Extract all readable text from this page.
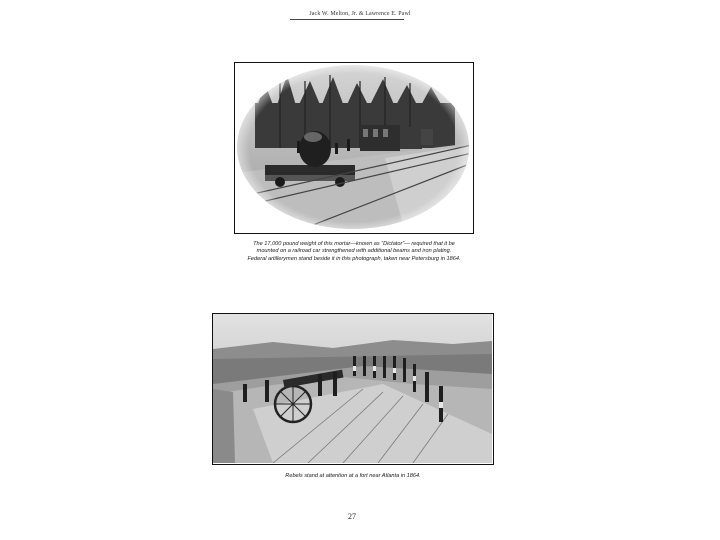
Jack W. Melton, Jr. & Lawrence E. Pawl
The 17,000 pound weight of this mortar—known as “Dictator”— required that it be
mounted on a railroad car strengthened with additional beams and iron plating.
Federal artillerymen stand beside it in this photograph, taken near Petersburg in 1864.
Rebels stand at attention at a fort near Atlanta in 1864.
27
